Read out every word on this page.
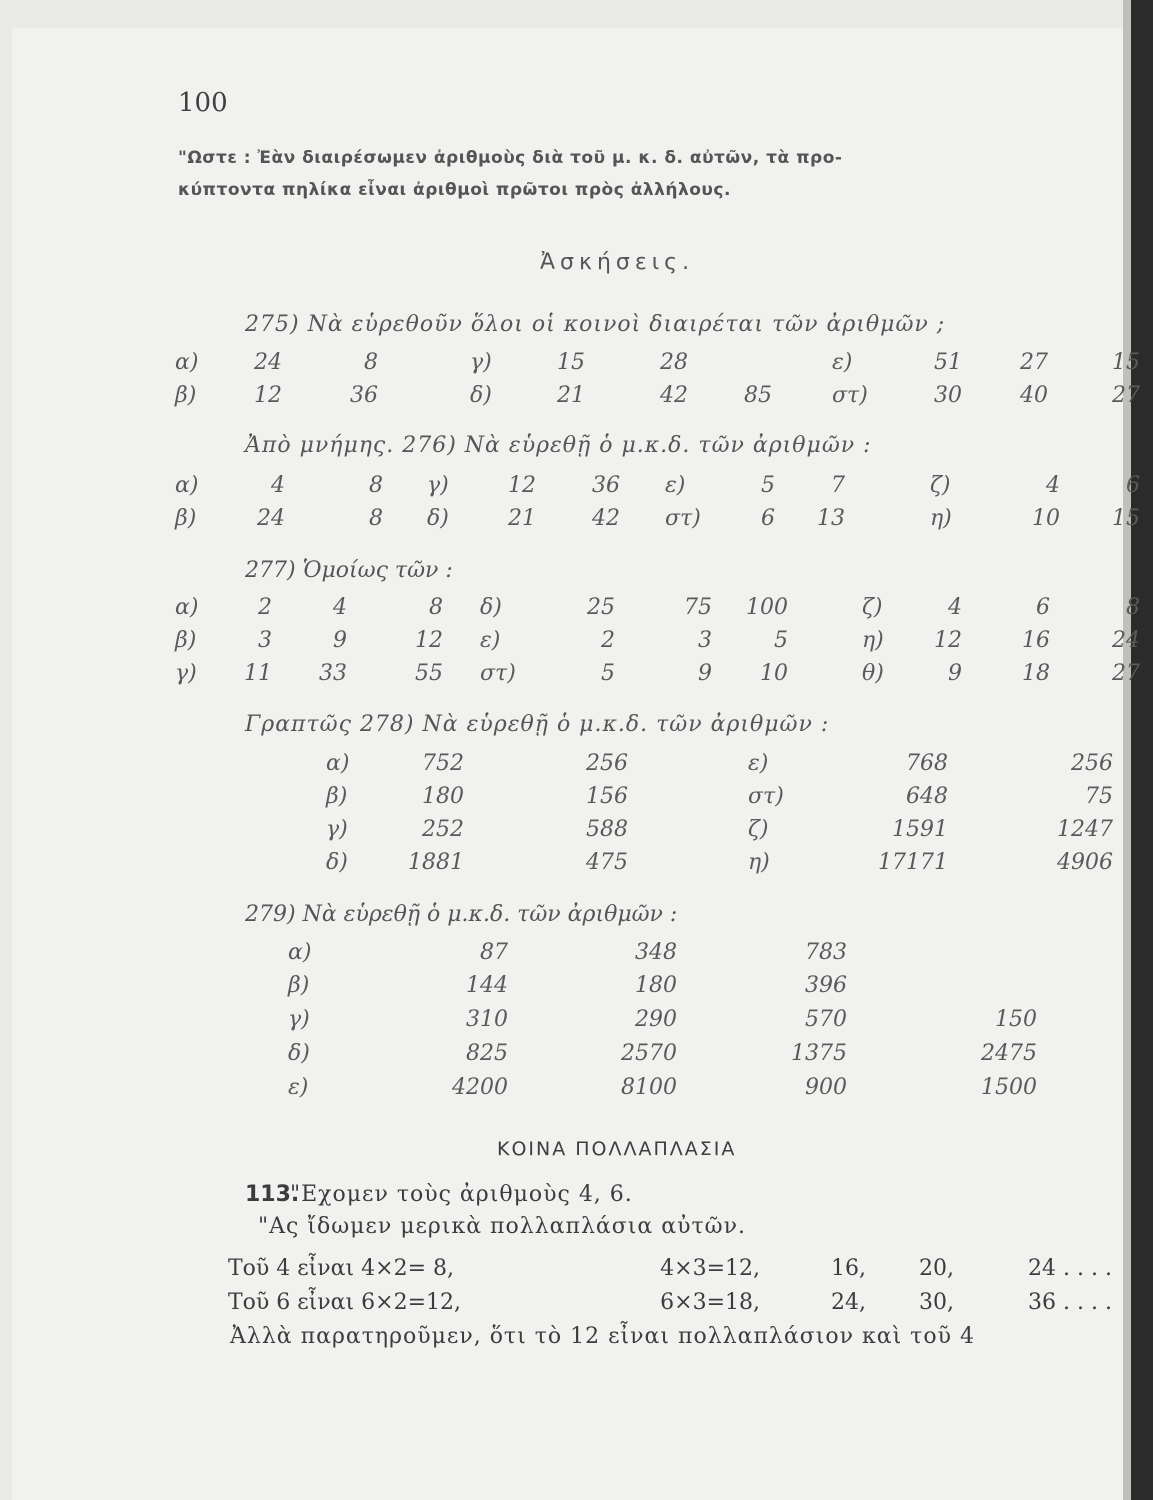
100
"Ωστε : Ἐὰν διαιρέσωμεν ἀριθμοὺς διὰ τοῦ μ. κ. δ. αὐτῶν, τὰ προ-
κύπτοντα πηλίκα εἶναι ἀριθμοὶ πρῶτοι πρὸς ἀλλήλους.
Ἀσκήσεις.
275) Νὰ εὑρεθοῦν ὅλοι οἱ κοινοὶ διαιρέται τῶν ἀριθμῶν ;
α)	24	8	γ)	15	28	ε)	51	27	15
β)	12	36	δ)	21	42	85	στ)	30	40	27
Ἀπὸ μνήμης. 276) Νὰ εὑρεθῇ ὁ μ.κ.δ. τῶν ἀριθμῶν :
α)	4	8 γ)	12	36 ε)	5	7	ζ)	4	6
β)	24	8 δ)	21	42 στ)	6 13	η)	10 15
277) Ὁμοίως τῶν :
α)	2	4	8 δ)	25	75 100	ζ)	4	6	8
β)	3	9	12 ε)	2	3	5	η) 12	16	24
γ) 11 33	55 στ)	5	9 10	θ)	9	18	27
Γραπτῶς 278) Νὰ εὑρεθῇ ὁ μ.κ.δ. τῶν ἀριθμῶν :
α)	752	256	ε)	768	256
β)	180	156	στ)	648	75
γ)	252	588	ζ)	1591	1247
δ)	1881	475	η)	17171	4906
279) Νὰ εὑρεθῇ ὁ μ.κ.δ. τῶν ἀριθμῶν :
α)	87	348	783
β)	144	180	396
γ)	310	290	570	150
δ)	825	2570	1375	2475
ε)	4200	8100	900	1500
ΚΟΙΝΑ ΠΟΛΛΑΠΛΑΣΙΑ
113.
"Εχομεν τοὺς ἀριθμοὺς 4, 6.
"Ας ἴδωμεν μερικὰ πολλαπλάσια αὐτῶν.
Τοῦ 4 εἶναι 4×2= 8,	4×3=12,	16, 20,	24 . . . .
Τοῦ 6 εἶναι 6×2=12,	6×3=18,	24, 30,	36 . . . .
Ἀλλὰ παρατηροῦμεν, ὅτι τὸ 12 εἶναι πολλαπλάσιον καὶ τοῦ 4
